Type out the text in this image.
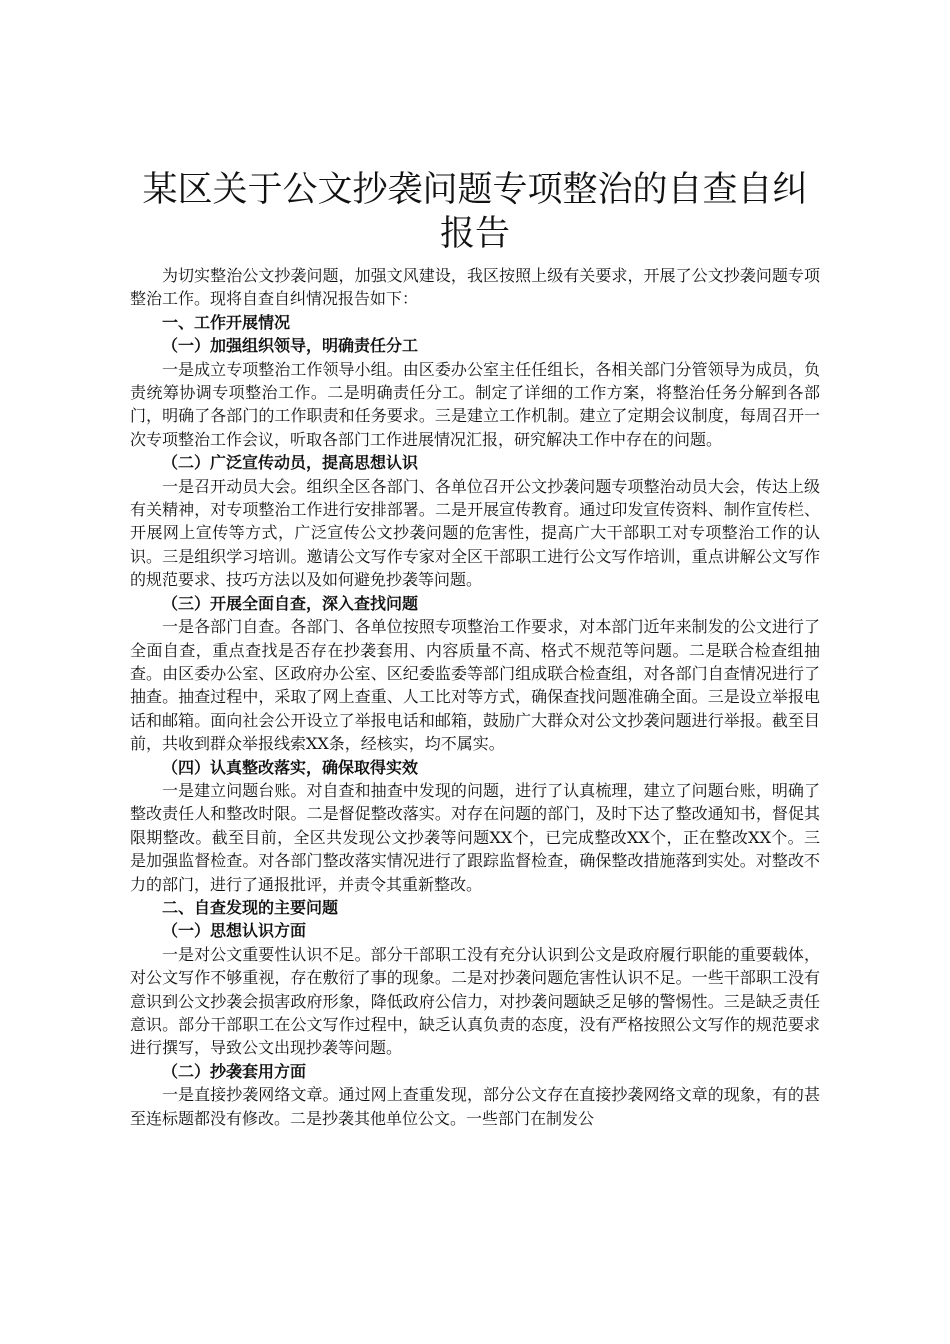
某区关于公文抄袭问题专项整治的自查自纠报告

为切实整治公文抄袭问题，加强文风建设，我区按照上级有关要求，开展了公文抄袭问题专项整治工作。现将自查自纠情况报告如下：

一、工作开展情况

（一）加强组织领导，明确责任分工

一是成立专项整治工作领导小组。由区委办公室主任任组长，各相关部门分管领导为成员，负责统筹协调专项整治工作。二是明确责任分工。制定了详细的工作方案，将整治任务分解到各部门，明确了各部门的工作职责和任务要求。三是建立工作机制。建立了定期会议制度，每周召开一次专项整治工作会议，听取各部门工作进展情况汇报，研究解决工作中存在的问题。

（二）广泛宣传动员，提高思想认识

一是召开动员大会。组织全区各部门、各单位召开公文抄袭问题专项整治动员大会，传达上级有关精神，对专项整治工作进行安排部署。二是开展宣传教育。通过印发宣传资料、制作宣传栏、开展网上宣传等方式，广泛宣传公文抄袭问题的危害性，提高广大干部职工对专项整治工作的认识。三是组织学习培训。邀请公文写作专家对全区干部职工进行公文写作培训，重点讲解公文写作的规范要求、技巧方法以及如何避免抄袭等问题。

（三）开展全面自查，深入查找问题

一是各部门自查。各部门、各单位按照专项整治工作要求，对本部门近年来制发的公文进行了全面自查，重点查找是否存在抄袭套用、内容质量不高、格式不规范等问题。二是联合检查组抽查。由区委办公室、区政府办公室、区纪委监委等部门组成联合检查组，对各部门自查情况进行了抽查。抽查过程中，采取了网上查重、人工比对等方式，确保查找问题准确全面。三是设立举报电话和邮箱。面向社会公开设立了举报电话和邮箱，鼓励广大群众对公文抄袭问题进行举报。截至目前，共收到群众举报线索XX条，经核实，均不属实。

（四）认真整改落实，确保取得实效

一是建立问题台账。对自查和抽查中发现的问题，进行了认真梳理，建立了问题台账，明确了整改责任人和整改时限。二是督促整改落实。对存在问题的部门，及时下达了整改通知书，督促其限期整改。截至目前，全区共发现公文抄袭等问题XX个，已完成整改XX个，正在整改XX个。三是加强监督检查。对各部门整改落实情况进行了跟踪监督检查，确保整改措施落到实处。对整改不力的部门，进行了通报批评，并责令其重新整改。

二、自查发现的主要问题

（一）思想认识方面

一是对公文重要性认识不足。部分干部职工没有充分认识到公文是政府履行职能的重要载体，对公文写作不够重视，存在敷衍了事的现象。二是对抄袭问题危害性认识不足。一些干部职工没有意识到公文抄袭会损害政府形象，降低政府公信力，对抄袭问题缺乏足够的警惕性。三是缺乏责任意识。部分干部职工在公文写作过程中，缺乏认真负责的态度，没有严格按照公文写作的规范要求进行撰写，导致公文出现抄袭等问题。

（二）抄袭套用方面

一是直接抄袭网络文章。通过网上查重发现，部分公文存在直接抄袭网络文章的现象，有的甚至连标题都没有修改。二是抄袭其他单位公文。一些部门在制发公
